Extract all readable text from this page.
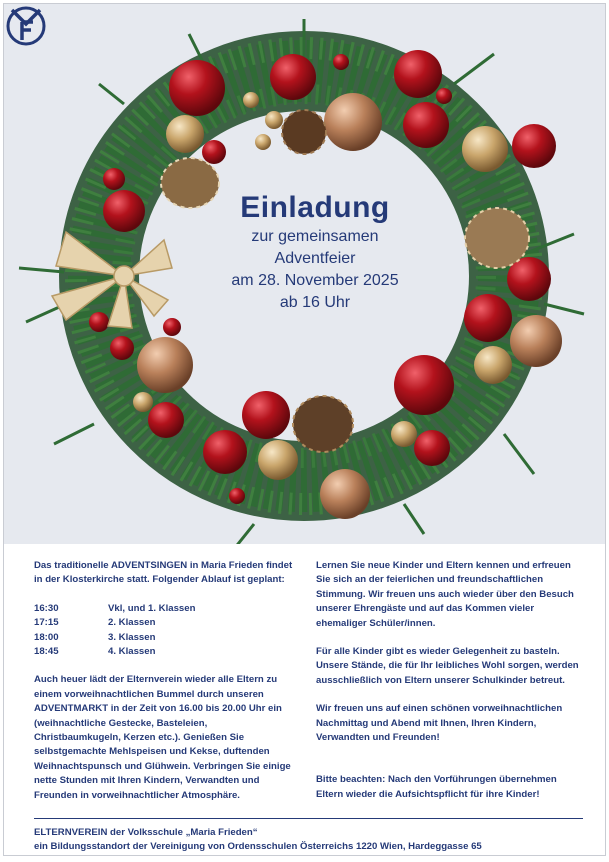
Einladung
zur gemeinsamen
Adventfeier
am 28. November 2025
ab 16 Uhr

Das traditionelle ADVENTSINGEN in Maria Frieden findet in der Klosterkirche statt. Folgender Ablauf ist geplant:

16:30	Vkl, und 1. Klassen
17:15	2. Klassen
18:00	3. Klassen
18:45	4. Klassen

Auch heuer lädt der Elternverein wieder alle Eltern zu einem vorweihnachtlichen Bummel durch unseren ADVENTMARKT in der Zeit von 16.00 bis 20.00 Uhr ein (weihnachtliche Gestecke, Basteleien, Christbaumkugeln, Kerzen etc.). Genießen Sie selbstgemachte Mehlspeisen und Kekse, duftenden Weihnachtspunsch und Glühwein. Verbringen Sie einige nette Stunden mit Ihren Kindern, Verwandten und Freunden in vorweihnachtlicher Atmosphäre.

Lernen Sie neue Kinder und Eltern kennen und erfreuen Sie sich an der feierlichen und freundschaftlichen Stimmung. Wir freuen uns auch wieder über den Besuch unserer Ehrengäste und auf das Kommen vieler ehemaliger Schüler/innen.

Für alle Kinder gibt es wieder Gelegenheit zu basteln. Unsere Stände, die für Ihr leibliches Wohl sorgen, werden ausschließlich von Eltern unserer Schulkinder betreut.

Wir freuen uns auf einen schönen vorweihnachtlichen Nachmittag und Abend mit Ihnen, Ihren Kindern, Verwandten und Freunden!

Bitte beachten: Nach den Vorführungen übernehmen Eltern wieder die Aufsichtspflicht für ihre Kinder!

ELTERNVEREIN der Volksschule „Maria Frieden“
ein Bildungsstandort der Vereinigung von Ordensschulen Österreichs 1220 Wien, Hardeggasse 65
